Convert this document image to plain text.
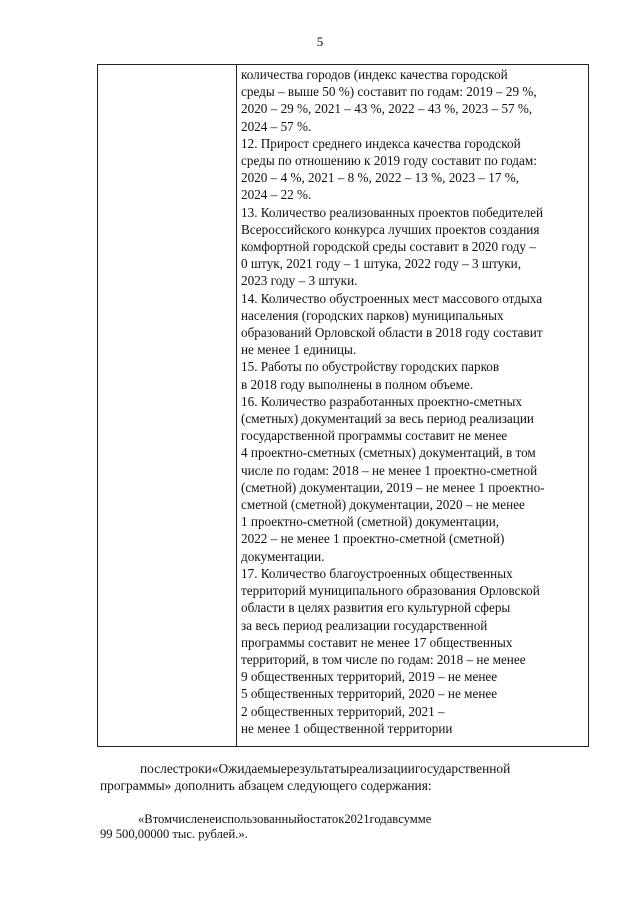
5
количества городов (индекс качества городской
среды – выше 50 %) составит по годам: 2019 – 29 %,
2020 – 29 %, 2021 – 43 %, 2022 – 43 %, 2023 – 57 %,
2024 – 57 %.
12. Прирост среднего индекса качества городской
среды по отношению к 2019 году составит по годам:
2020 – 4 %, 2021 – 8 %, 2022 – 13 %, 2023 – 17 %,
2024 – 22 %.
13. Количество реализованных проектов победителей
Всероссийского конкурса лучших проектов создания
комфортной городской среды составит в 2020 году –
0 штук, 2021 году – 1 штука, 2022 году – 3 штуки,
2023 году – 3 штуки.
14. Количество обустроенных мест массового отдыха
населения (городских парков) муниципальных
образований Орловской области в 2018 году составит
не менее 1 единицы.
15. Работы по обустройству городских парков
в 2018 году выполнены в полном объеме.
16. Количество разработанных проектно-сметных
(сметных) документаций за весь период реализации
государственной программы составит не менее
4 проектно-сметных (сметных) документаций, в том
числе по годам: 2018 – не менее 1 проектно-сметной
(сметной) документации, 2019 – не менее 1 проектно-
сметной (сметной) документации, 2020 – не менее
1 проектно-сметной (сметной) документации,
2022 – не менее 1 проектно-сметной (сметной)
документации.
17. Количество благоустроенных общественных
территорий муниципального образования Орловской
области в целях развития его культурной сферы
за весь период реализации государственной
программы составит не менее 17 общественных
территорий, в том числе по годам: 2018 – не менее
9 общественных территорий, 2019 – не менее
5 общественных территорий, 2020 – не менее
2 общественных территорий, 2021 –
не менее 1 общественной территории
послестроки«Ожидаемыерезультатыреализациигосударственной
программы» дополнить абзацем следующего содержания:
«Втомчисленеиспользованныйостаток2021годавсумме
99 500,00000 тыс. рублей.».
